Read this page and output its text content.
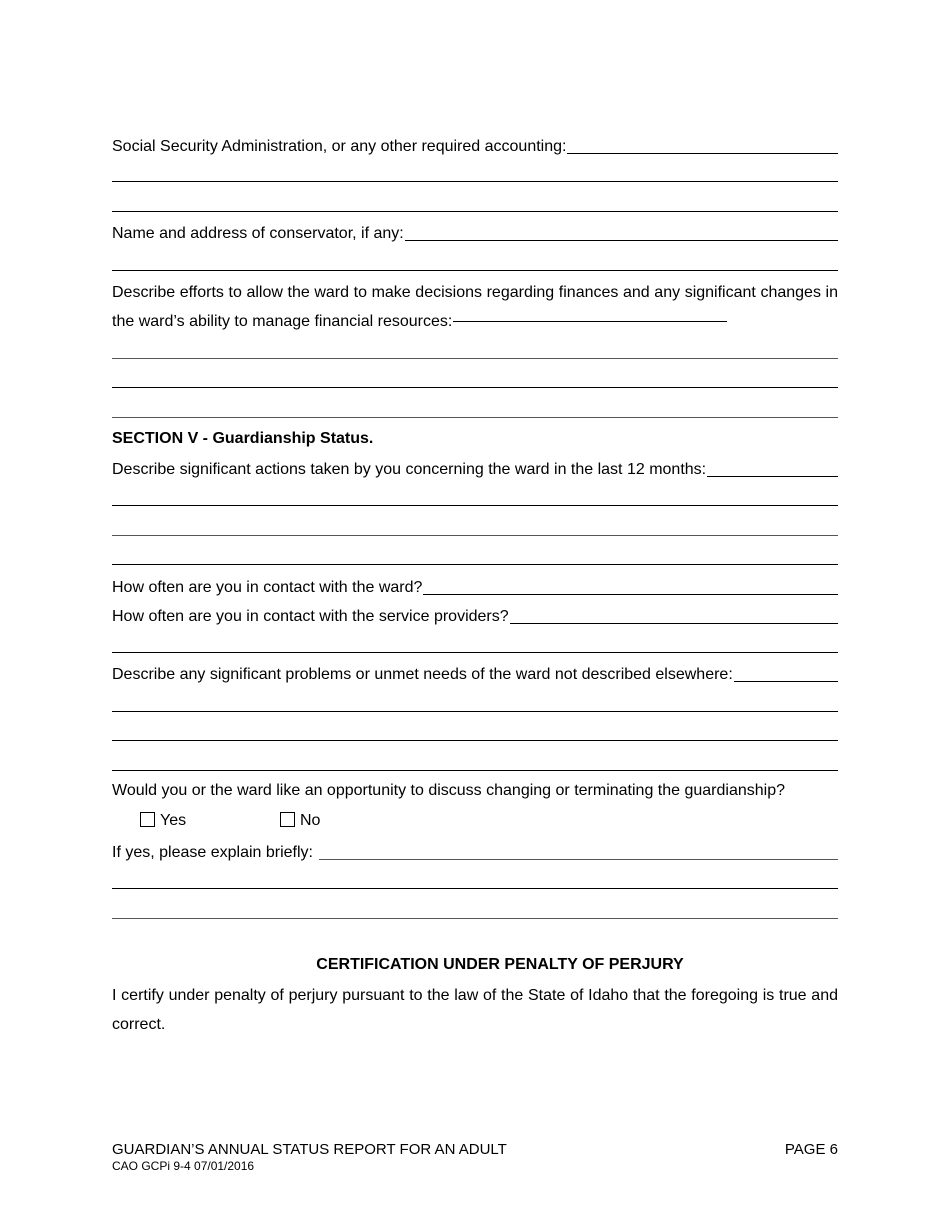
Social Security Administration, or any other required accounting:
Name and address of conservator, if any:
Describe efforts to allow the ward to make decisions regarding finances and any significant changes in the ward’s ability to manage financial resources:
SECTION V - Guardianship Status.
Describe significant actions taken by you concerning the ward in the last 12 months:
How often are you in contact with the ward?
How often are you in contact with the service providers?
Describe any significant problems or unmet needs of the ward not described elsewhere:
Would you or the ward like an opportunity to discuss changing or terminating the guardianship?
Yes	No
If yes, please explain briefly:
CERTIFICATION UNDER PENALTY OF PERJURY
I certify under penalty of perjury pursuant to the law of the State of Idaho that the foregoing is true and correct.
GUARDIAN’S ANNUAL STATUS REPORT FOR AN ADULT
CAO GCPi 9-4 07/01/2016
PAGE 6
